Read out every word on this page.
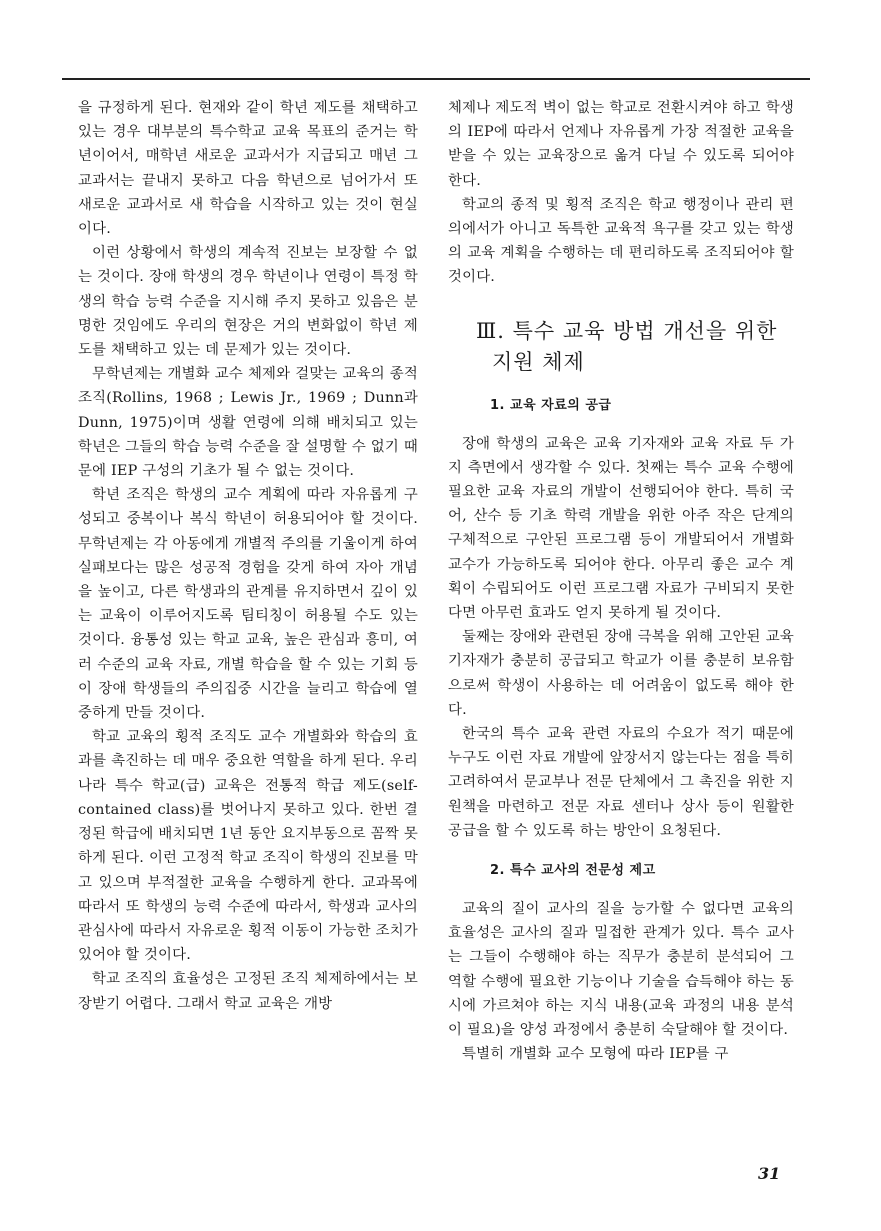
을 규정하게 된다. 현재와 같이 학년 제도를 채택하고 있는 경우 대부분의 특수학교 교육 목표의 준거는 학년이어서, 매학년 새로운 교과서가 지급되고 매년 그 교과서는 끝내지 못하고 다음 학년으로 넘어가서 또 새로운 교과서로 새 학습을 시작하고 있는 것이 현실이다.

이런 상황에서 학생의 계속적 진보는 보장할 수 없는 것이다. 장애 학생의 경우 학년이나 연령이 특정 학생의 학습 능력 수준을 지시해 주지 못하고 있음은 분명한 것임에도 우리의 현장은 거의 변화없이 학년 제도를 채택하고 있는 데 문제가 있는 것이다.

무학년제는 개별화 교수 체제와 걸맞는 교육의 종적 조직(Rollins, 1968 ; Lewis Jr., 1969 ; Dunn과 Dunn, 1975)이며 생활 연령에 의해 배치되고 있는 학년은 그들의 학습 능력 수준을 잘 설명할 수 없기 때문에 IEP 구성의 기초가 될 수 없는 것이다.

학년 조직은 학생의 교수 계획에 따라 자유롭게 구성되고 중복이나 복식 학년이 허용되어야 할 것이다. 무학년제는 각 아동에게 개별적 주의를 기울이게 하여 실패보다는 많은 성공적 경험을 갖게 하여 자아 개념을 높이고, 다른 학생과의 관계를 유지하면서 깊이 있는 교육이 이루어지도록 팀티칭이 허용될 수도 있는 것이다. 융통성 있는 학교 교육, 높은 관심과 흥미, 여러 수준의 교육 자료, 개별 학습을 할 수 있는 기회 등이 장애 학생들의 주의집중 시간을 늘리고 학습에 열중하게 만들 것이다.

학교 교육의 횡적 조직도 교수 개별화와 학습의 효과를 촉진하는 데 매우 중요한 역할을 하게 된다. 우리 나라 특수 학교(급) 교육은 전통적 학급 제도(self-contained class)를 벗어나지 못하고 있다. 한번 결정된 학급에 배치되면 1년 동안 요지부동으로 꼼짝 못하게 된다. 이런 고정적 학교 조직이 학생의 진보를 막고 있으며 부적절한 교육을 수행하게 한다. 교과목에 따라서 또 학생의 능력 수준에 따라서, 학생과 교사의 관심사에 따라서 자유로운 횡적 이동이 가능한 조치가 있어야 할 것이다.

학교 조직의 효율성은 고정된 조직 체제하에서는 보장받기 어렵다. 그래서 학교 교육은 개방

체제나 제도적 벽이 없는 학교로 전환시켜야 하고 학생의 IEP에 따라서 언제나 자유롭게 가장 적절한 교육을 받을 수 있는 교육장으로 옮겨 다닐 수 있도록 되어야 한다.

학교의 종적 및 횡적 조직은 학교 행정이나 관리 편의에서가 아니고 독특한 교육적 욕구를 갖고 있는 학생의 교육 계획을 수행하는 데 편리하도록 조직되어야 할 것이다.

Ⅲ. 특수 교육 방법 개선을 위한
지원 체제
1. 교육 자료의 공급

장애 학생의 교육은 교육 기자재와 교육 자료 두 가지 측면에서 생각할 수 있다. 첫째는 특수 교육 수행에 필요한 교육 자료의 개발이 선행되어야 한다. 특히 국어, 산수 등 기초 학력 개발을 위한 아주 작은 단계의 구체적으로 구안된 프로그램 등이 개발되어서 개별화 교수가 가능하도록 되어야 한다. 아무리 좋은 교수 계획이 수립되어도 이런 프로그램 자료가 구비되지 못한다면 아무런 효과도 얻지 못하게 될 것이다.

둘째는 장애와 관련된 장애 극복을 위해 고안된 교육 기자재가 충분히 공급되고 학교가 이를 충분히 보유함으로써 학생이 사용하는 데 어려움이 없도록 해야 한다.

한국의 특수 교육 관련 자료의 수요가 적기 때문에 누구도 이런 자료 개발에 앞장서지 않는다는 점을 특히 고려하여서 문교부나 전문 단체에서 그 촉진을 위한 지원책을 마련하고 전문 자료 센터나 상사 등이 원활한 공급을 할 수 있도록 하는 방안이 요청된다.

2. 특수 교사의 전문성 제고

교육의 질이 교사의 질을 능가할 수 없다면 교육의 효율성은 교사의 질과 밀접한 관계가 있다. 특수 교사는 그들이 수행해야 하는 직무가 충분히 분석되어 그 역할 수행에 필요한 기능이나 기술을 습득해야 하는 동시에 가르쳐야 하는 지식 내용(교육 과정의 내용 분석이 필요)을 양성 과정에서 충분히 숙달해야 할 것이다.

특별히 개별화 교수 모형에 따라 IEP를 구

31
